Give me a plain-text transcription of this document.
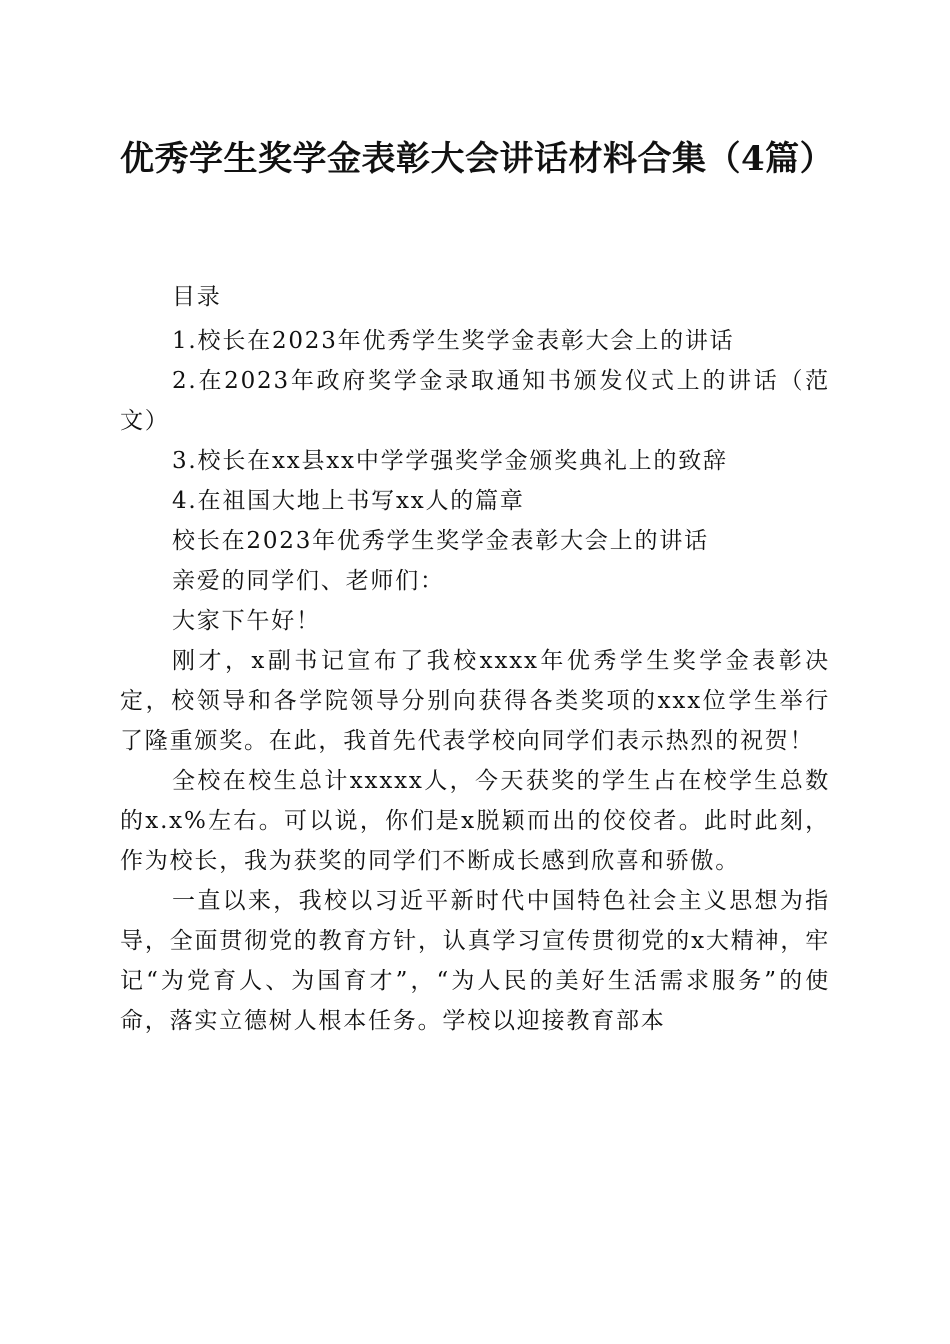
优秀学生奖学金表彰大会讲话材料合集（4篇）

目录

1.校长在2023年优秀学生奖学金表彰大会上的讲话

2.在2023年政府奖学金录取通知书颁发仪式上的讲话（范文）

3.校长在xx县xx中学学强奖学金颁奖典礼上的致辞

4.在祖国大地上书写xx人的篇章

校长在2023年优秀学生奖学金表彰大会上的讲话

亲爱的同学们、老师们：

大家下午好！

刚才，x副书记宣布了我校xxxx年优秀学生奖学金表彰决定，校领导和各学院领导分别向获得各类奖项的xxx位学生举行了隆重颁奖。在此，我首先代表学校向同学们表示热烈的祝贺！

全校在校生总计xxxxx人，今天获奖的学生占在校学生总数的x.x%左右。可以说，你们是x脱颖而出的佼佼者。此时此刻，作为校长，我为获奖的同学们不断成长感到欣喜和骄傲。

一直以来，我校以习近平新时代中国特色社会主义思想为指导，全面贯彻党的教育方针，认真学习宣传贯彻党的x大精神，牢记“为党育人、为国育才”，“为人民的美好生活需求服务”的使命，落实立德树人根本任务。学校以迎接教育部本
